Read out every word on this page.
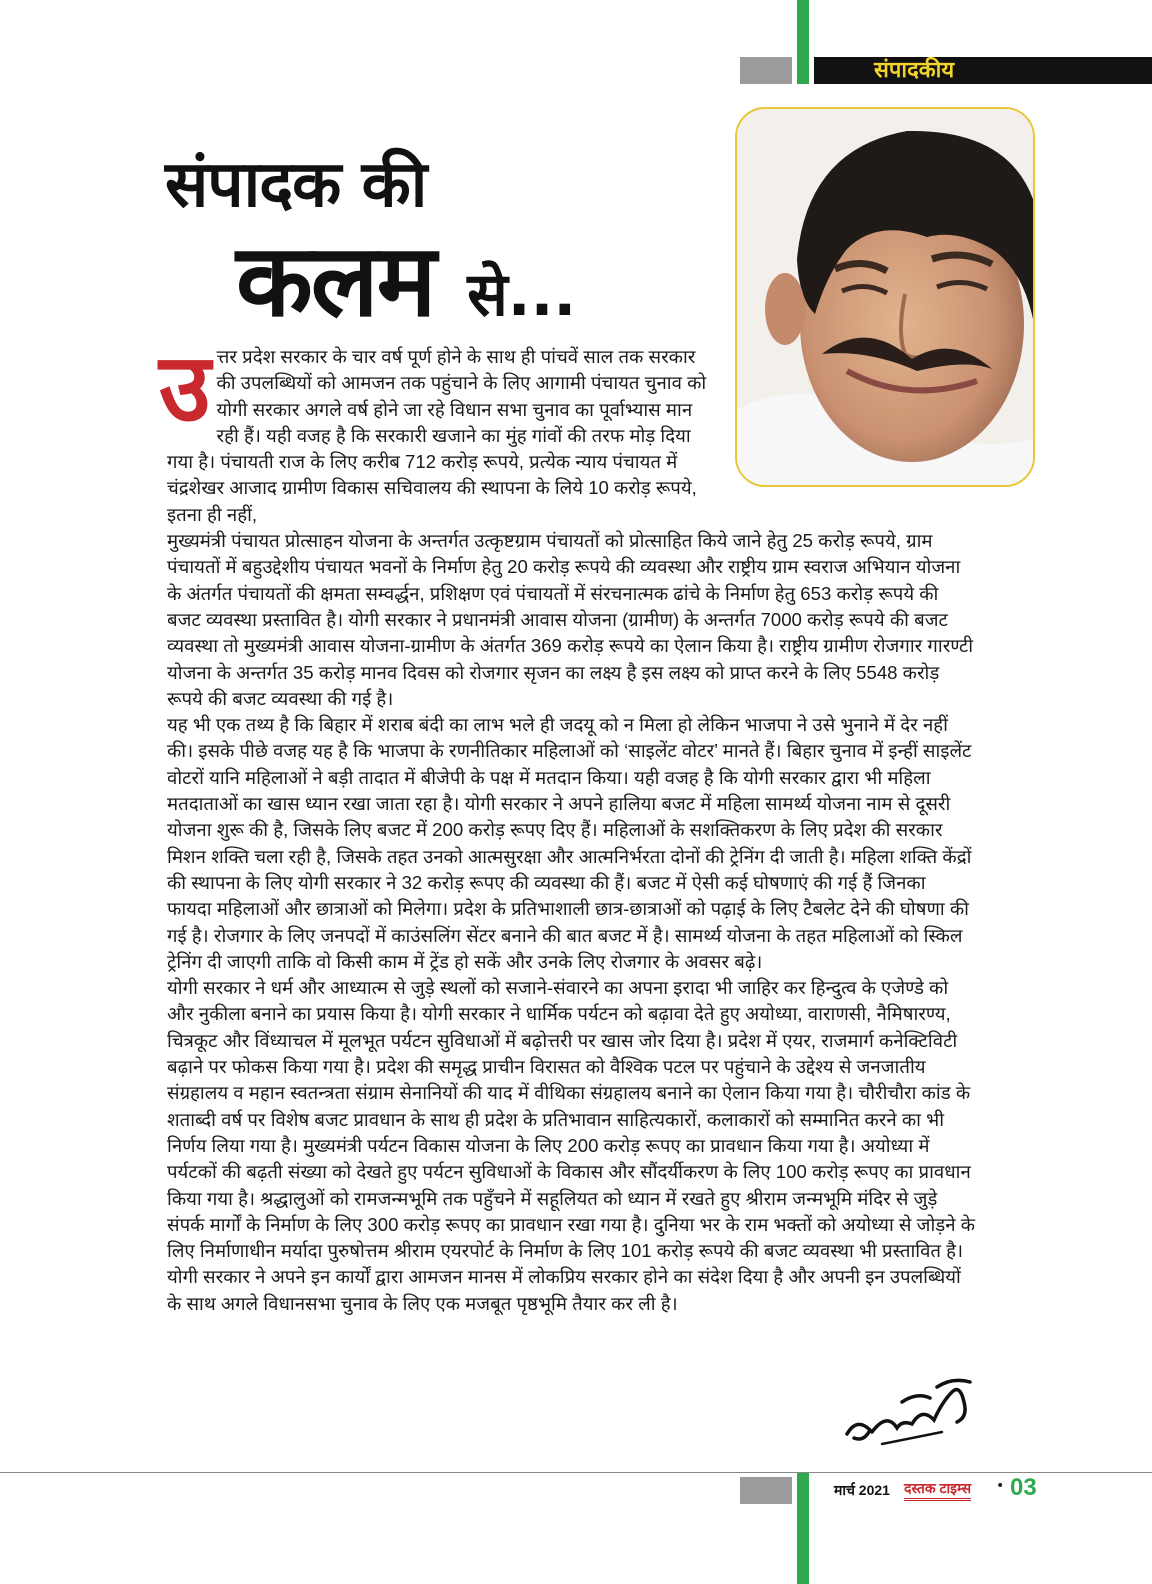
संपादकीय
संपादक की
कलम से...
उ त्तर प्रदेश सरकार के चार वर्ष पूर्ण होने के साथ ही पांचवें साल तक सरकार की उपलब्धियों को आमजन तक पहुंचाने के लिए आगामी पंचायत चुनाव को योगी सरकार अगले वर्ष होने जा रहे विधान सभा चुनाव का पूर्वाभ्यास मान रही हैं। यही वजह है कि सरकारी खजाने का मुंह गांवों की तरफ मोड़ दिया गया है। पंचायती राज के लिए करीब 712 करोड़ रूपये, प्रत्येक न्याय पंचायत में चंद्रशेखर आजाद ग्रामीण विकास सचिवालय की स्थापना के लिये 10 करोड़ रूपये, इतना ही नहीं,

मुख्यमंत्री पंचायत प्रोत्साहन योजना के अन्तर्गत उत्कृष्टग्राम पंचायतों को प्रोत्साहित किये जाने हेतु 25 करोड़ रूपये, ग्राम पंचायतों में बहुउद्देशीय पंचायत भवनों के निर्माण हेतु 20 करोड़ रूपये की व्यवस्था और राष्ट्रीय ग्राम स्वराज अभियान योजना के अंतर्गत पंचायतों की क्षमता सम्वर्द्धन, प्रशिक्षण एवं पंचायतों में संरचनात्मक ढांचे के निर्माण हेतु 653 करोड़ रूपये की बजट व्यवस्था प्रस्तावित है। योगी सरकार ने प्रधानमंत्री आवास योजना (ग्रामीण) के अन्तर्गत 7000 करोड़ रूपये की बजट व्यवस्था तो मुख्यमंत्री आवास योजना-ग्रामीण के अंतर्गत 369 करोड़ रूपये का ऐलान किया है। राष्ट्रीय ग्रामीण रोजगार गारण्टी योजना के अन्तर्गत 35 करोड़ मानव दिवस को रोजगार सृजन का लक्ष्य है इस लक्ष्य को प्राप्त करने के लिए 5548 करोड़ रूपये की बजट व्यवस्था की गई है।

यह भी एक तथ्य है कि बिहार में शराब बंदी का लाभ भले ही जदयू को न मिला हो लेकिन भाजपा ने उसे भुनाने में देर नहीं की। इसके पीछे वजह यह है कि भाजपा के रणनीतिकार महिलाओं को ‘साइलेंट वोटर’ मानते हैं। बिहार चुनाव में इन्हीं साइलेंट वोटरों यानि महिलाओं ने बड़ी तादात में बीजेपी के पक्ष में मतदान किया। यही वजह है कि योगी सरकार द्वारा भी महिला मतदाताओं का खास ध्यान रखा जाता रहा है। योगी सरकार ने अपने हालिया बजट में महिला सामर्थ्य योजना नाम से दूसरी योजना शुरू की है, जिसके लिए बजट में 200 करोड़ रूपए दिए हैं। महिलाओं के सशक्तिकरण के लिए प्रदेश की सरकार मिशन शक्ति चला रही है, जिसके तहत उनको आत्मसुरक्षा और आत्मनिर्भरता दोनों की ट्रेनिंग दी जाती है। महिला शक्ति केंद्रों की स्थापना के लिए योगी सरकार ने 32 करोड़ रूपए की व्यवस्था की हैं। बजट में ऐसी कई घोषणाएं की गई हैं जिनका फायदा महिलाओं और छात्राओं को मिलेगा। प्रदेश के प्रतिभाशाली छात्र-छात्राओं को पढ़ाई के लिए टैबलेट देने की घोषणा की गई है। रोजगार के लिए जनपदों में काउंसलिंग सेंटर बनाने की बात बजट में है। सामर्थ्य योजना के तहत महिलाओं को स्किल ट्रेनिंग दी जाएगी ताकि वो किसी काम में ट्रेंड हो सकें और उनके लिए रोजगार के अवसर बढ़े।

योगी सरकार ने धर्म और आध्यात्म से जुड़े स्थलों को सजाने-संवारने का अपना इरादा भी जाहिर कर हिन्दुत्व के एजेण्डे को और नुकीला बनाने का प्रयास किया है। योगी सरकार ने धार्मिक पर्यटन को बढ़ावा देते हुए अयोध्या, वाराणसी, नैमिषारण्य, चित्रकूट और विंध्याचल में मूलभूत पर्यटन सुविधाओं में बढ़ोत्तरी पर खास जोर दिया है। प्रदेश में एयर, राजमार्ग कनेक्टिविटी बढ़ाने पर फोकस किया गया है। प्रदेश की समृद्ध प्राचीन विरासत को वैश्विक पटल पर पहुंचाने के उद्देश्य से जनजातीय संग्रहालय व महान स्वतन्त्रता संग्राम सेनानियों की याद में वीथिका संग्रहालय बनाने का ऐलान किया गया है। चौरीचौरा कांड के शताब्दी वर्ष पर विशेष बजट प्रावधान के साथ ही प्रदेश के प्रतिभावान साहित्यकारों, कलाकारों को सम्मानित करने का भी निर्णय लिया गया है। मुख्यमंत्री पर्यटन विकास योजना के लिए 200 करोड़ रूपए का प्रावधान किया गया है। अयोध्या में पर्यटकों की बढ़ती संख्या को देखते हुए पर्यटन सुविधाओं के विकास और सौंदर्यीकरण के लिए 100 करोड़ रूपए का प्रावधान किया गया है। श्रद्धालुओं को रामजन्मभूमि तक पहुँचने में सहूलियत को ध्यान में रखते हुए श्रीराम जन्मभूमि मंदिर से जुड़े संपर्क मार्गों के निर्माण के लिए 300 करोड़ रूपए का प्रावधान रखा गया है। दुनिया भर के राम भक्तों को अयोध्या से जोड़ने के लिए निर्माणाधीन मर्यादा पुरुषोत्तम श्रीराम एयरपोर्ट के निर्माण के लिए 101 करोड़ रूपये की बजट व्यवस्था भी प्रस्तावित है। योगी सरकार ने अपने इन कार्यों द्वारा आमजन मानस में लोकप्रिय सरकार होने का संदेश दिया है और अपनी इन उपलब्धियों के साथ अगले विधानसभा चुनाव के लिए एक मजबूत पृष्ठभूमि तैयार कर ली है।

मार्च 2021 दस्तक टाइम्स • 03
